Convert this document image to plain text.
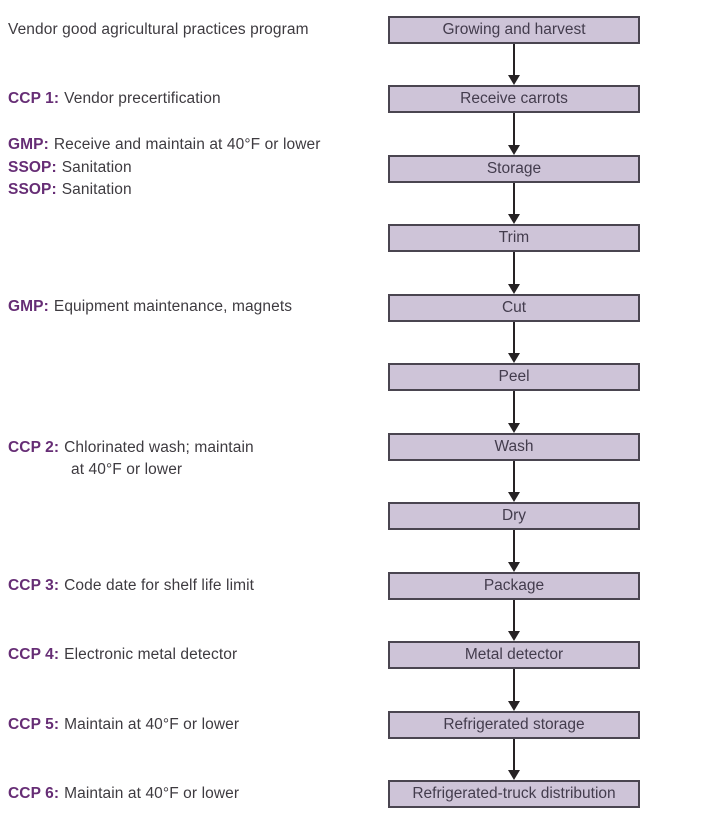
Vendor good agricultural practices program
CCP 1: Vendor precertification
GMP: Receive and maintain at 40°F or lower
SSOP: Sanitation
SSOP: Sanitation
GMP: Equipment maintenance, magnets
CCP 2: Chlorinated wash; maintain
at 40°F or lower
CCP 3: Code date for shelf life limit
CCP 4: Electronic metal detector
CCP 5: Maintain at 40°F or lower
CCP 6: Maintain at 40°F or lower
Growing and harvest
Receive carrots
Storage
Trim
Cut
Peel
Wash
Dry
Package
Metal detector
Refrigerated storage
Refrigerated-truck distribution
